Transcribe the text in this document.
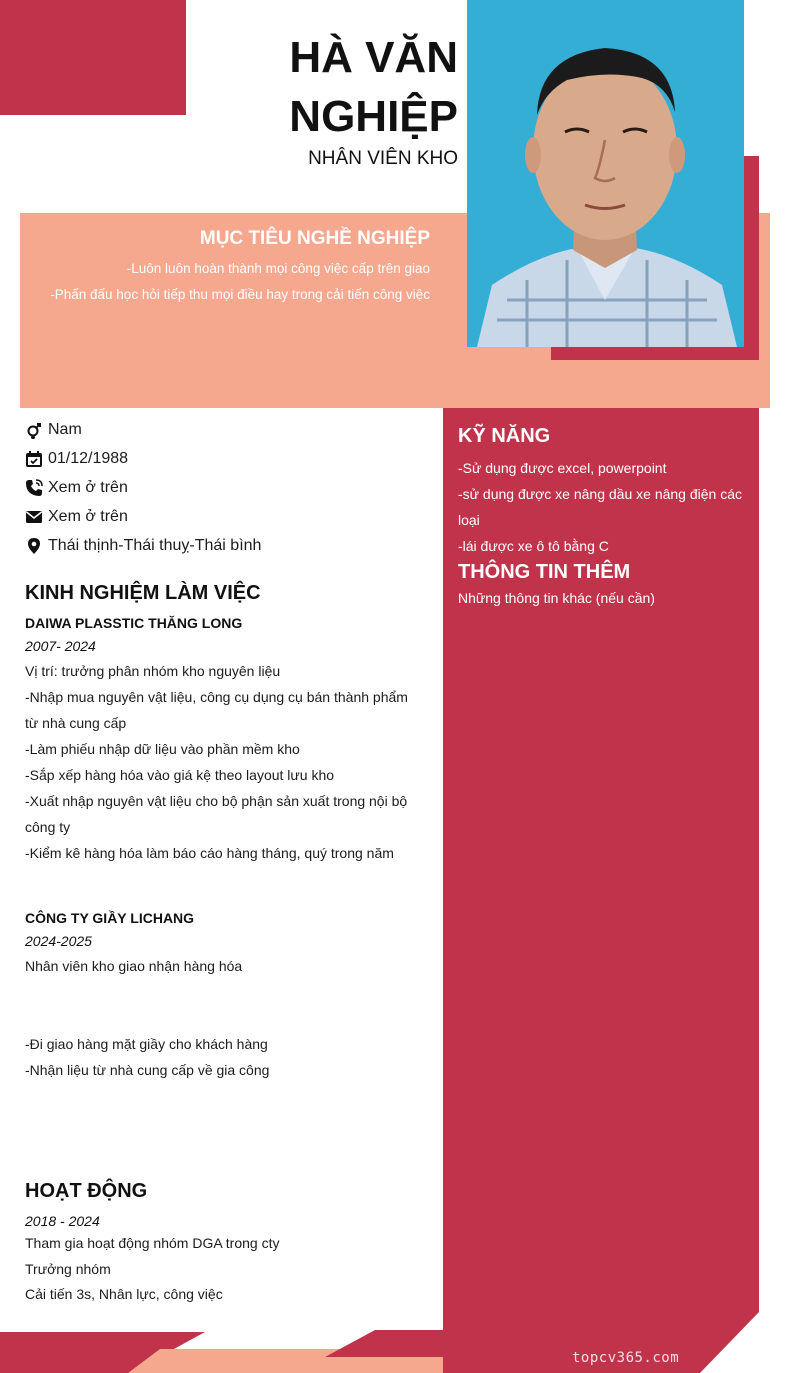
HÀ VĂN NGHIỆP
NHÂN VIÊN KHO
MỤC TIÊU NGHỀ NGHIỆP
-Luôn luôn hoàn thành mọi công việc cấp trên giao
-Phấn đấu học hỏi tiếp thu mọi điều hay trong cải tiến công việc
Nam
01/12/1988
Xem ở trên
Xem ở trên
Thái thịnh-Thái thuỵ-Thái bình
KINH NGHIỆM LÀM VIỆC
DAIWA PLASSTIC THĂNG LONG
2007- 2024
Vị trí: trưởng phân nhóm kho nguyên liệu
-Nhập mua nguyên vật liệu, công cụ dụng cụ bán thành phẩm từ nhà cung cấp
-Làm phiếu nhập dữ liệu vào phần mềm kho
-Sắp xếp hàng hóa vào giá kệ theo layout lưu kho
-Xuất nhập nguyên vật liệu cho bộ phận sản xuất trong nội bộ công ty
-Kiểm kê hàng hóa làm báo cáo hàng tháng, quý trong năm
CÔNG TY GIẦY LICHANG
2024-2025
Nhân viên kho giao nhận hàng hóa
-Đi giao hàng mặt giầy cho khách hàng
-Nhận liệu từ nhà cung cấp về gia công
HOẠT ĐỘNG
2018 - 2024
Tham gia hoạt động nhóm DGA trong cty
Trưởng nhóm
Cải tiến 3s, Nhân lực, công việc
KỸ NĂNG
-Sử dụng được excel, powerpoint
-sử dụng được xe nâng dầu xe nâng điện các loại
-lái được xe ô tô bằng C
THÔNG TIN THÊM
Những thông tin khác (nếu cần)
topcv365.com
